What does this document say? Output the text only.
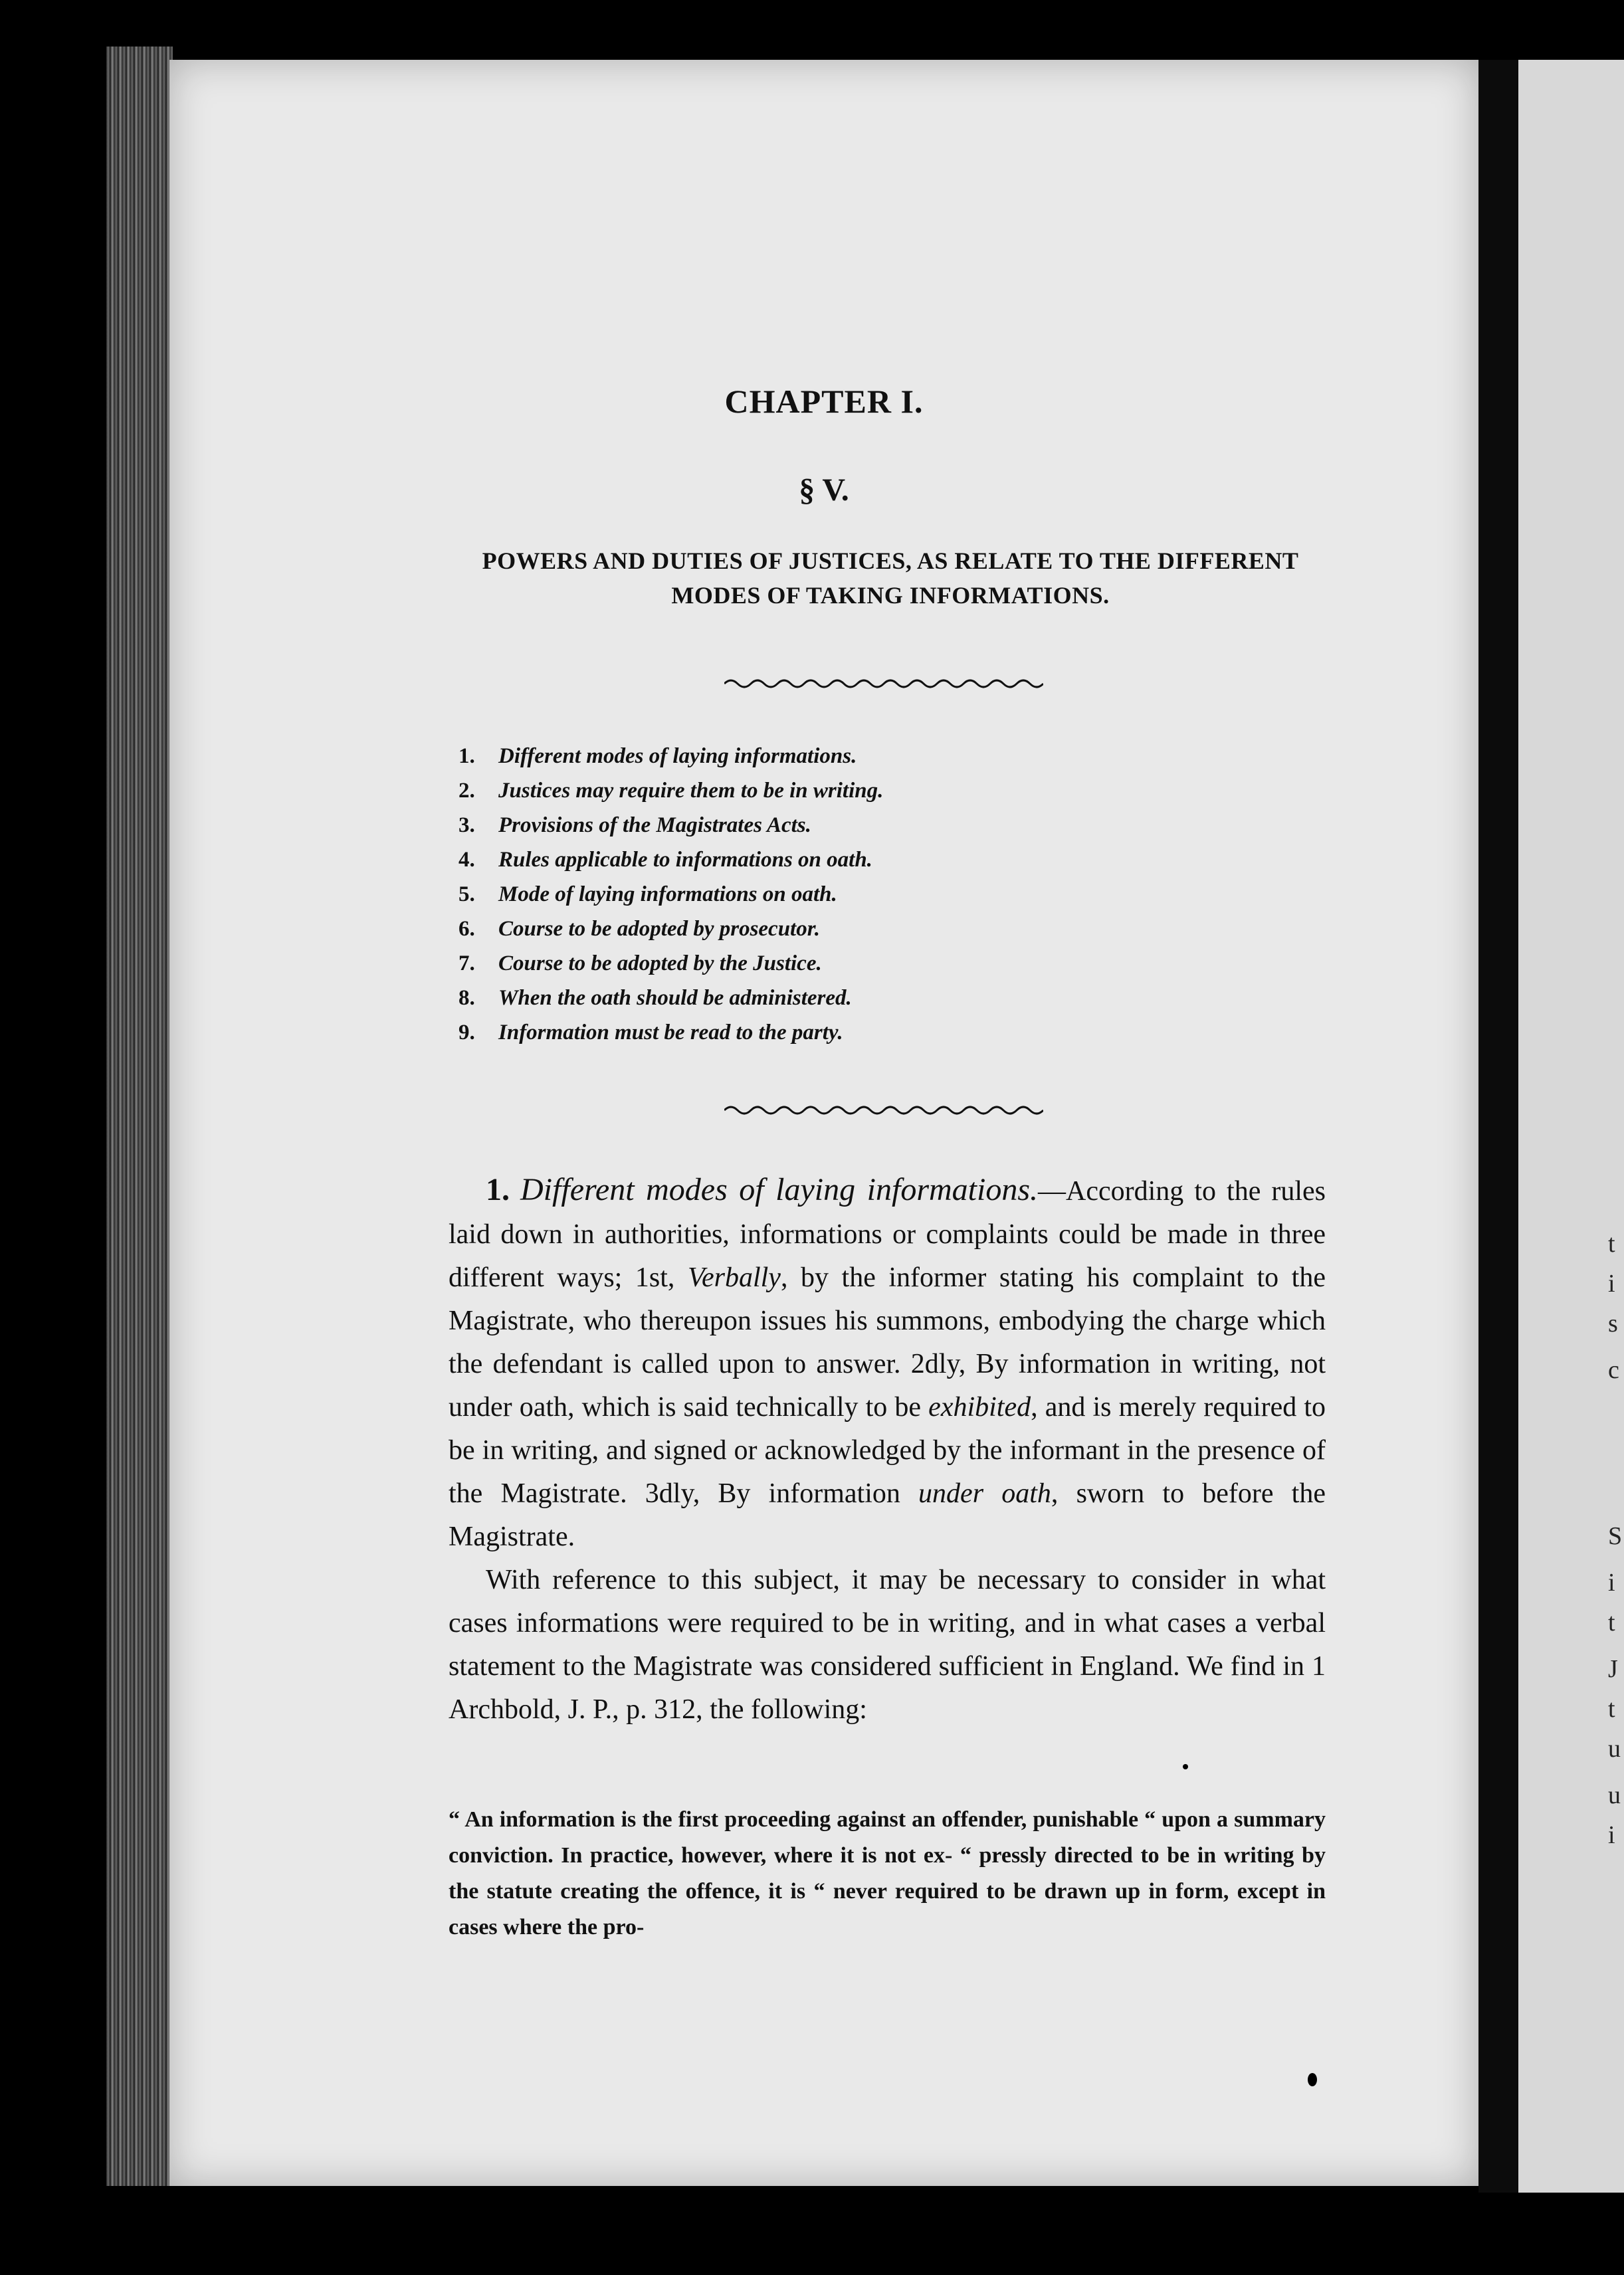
t
i
s
c
S
i
t
J
t
u
u
i
CHAPTER I.
§ V.
POWERS AND DUTIES OF JUSTICES, AS RELATE TO THE DIFFERENT MODES OF TAKING INFORMATIONS.
1. Different modes of laying informations.
2. Justices may require them to be in writing.
3. Provisions of the Magistrates Acts.
4. Rules applicable to informations on oath.
5. Mode of laying informations on oath.
6. Course to be adopted by prosecutor.
7. Course to be adopted by the Justice.
8. When the oath should be administered.
9. Information must be read to the party.

1. Different modes of laying informations.—According to the rules laid down in authorities, informations or complaints could be made in three different ways; 1st, Verbally, by the informer stating his complaint to the Magistrate, who thereupon issues his summons, embodying the charge which the defendant is called upon to answer. 2dly, By information in writing, not under oath, which is said technically to be exhibited, and is merely required to be in writing, and signed or acknowledged by the informant in the presence of the Magistrate. 3dly, By information under oath, sworn to before the Magistrate.

With reference to this subject, it may be necessary to consider in what cases informations were required to be in writing, and in what cases a verbal statement to the Magistrate was considered sufficient in England. We find in 1 Archbold, J. P., p. 312, the following:

“ An information is the first proceeding against an offender, punishable “ upon a summary conviction. In practice, however, where it is not ex- “ pressly directed to be in writing by the statute creating the offence, it is “ never required to be drawn up in form, except in cases where the pro-
